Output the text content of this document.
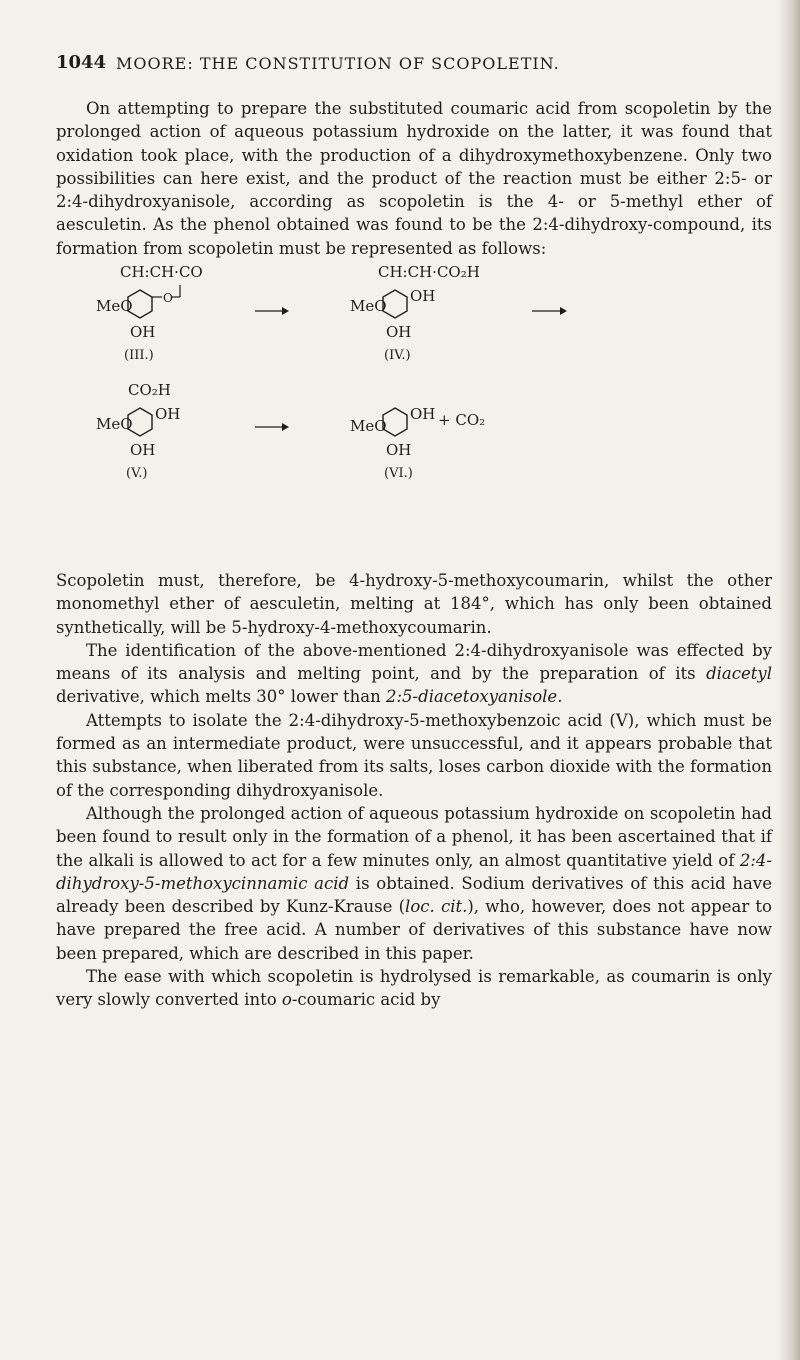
1044 MOORE: THE CONSTITUTION OF SCOPOLETIN.
On attempting to prepare the substituted coumaric acid from scopoletin by the prolonged action of aqueous potassium hydroxide on the latter, it was found that oxidation took place, with the production of a dihydroxymethoxybenzene. Only two possibilities can here exist, and the product of the reaction must be either 2:5- or 2:4-dihydroxyanisole, according as scopoletin is the 4- or 5-methyl ether of aesculetin. As the phenol obtained was found to be the 2:4-dihydroxy-compound, its formation from scopoletin must be represented as follows:
CH:CH·CO
O
MeO
OH
(III.)
CH:CH·CO₂H
OH
MeO
OH
(IV.)
CO₂H
OH
MeO
OH
(V.)
OH
MeO
OH
+ CO₂
(VI.)

Scopoletin must, therefore, be 4-hydroxy-5-methoxycoumarin, whilst the other monomethyl ether of aesculetin, melting at 184°, which has only been obtained synthetically, will be 5-hydroxy-4-methoxycoumarin.

The identification of the above-mentioned 2:4-dihydroxyanisole was effected by means of its analysis and melting point, and by the preparation of its diacetyl derivative, which melts 30° lower than 2:5-diacetoxyanisole.

Attempts to isolate the 2:4-dihydroxy-5-methoxybenzoic acid (V), which must be formed as an intermediate product, were unsuccessful, and it appears probable that this substance, when liberated from its salts, loses carbon dioxide with the formation of the corresponding dihydroxyanisole.

Although the prolonged action of aqueous potassium hydroxide on scopoletin had been found to result only in the formation of a phenol, it has been ascertained that if the alkali is allowed to act for a few minutes only, an almost quantitative yield of 2:4-dihydroxy-5-methoxycinnamic acid is obtained. Sodium derivatives of this acid have already been described by Kunz-Krause (loc. cit.), who, however, does not appear to have prepared the free acid. A number of derivatives of this substance have now been prepared, which are described in this paper.

The ease with which scopoletin is hydrolysed is remarkable, as coumarin is only very slowly converted into o-coumaric acid by
